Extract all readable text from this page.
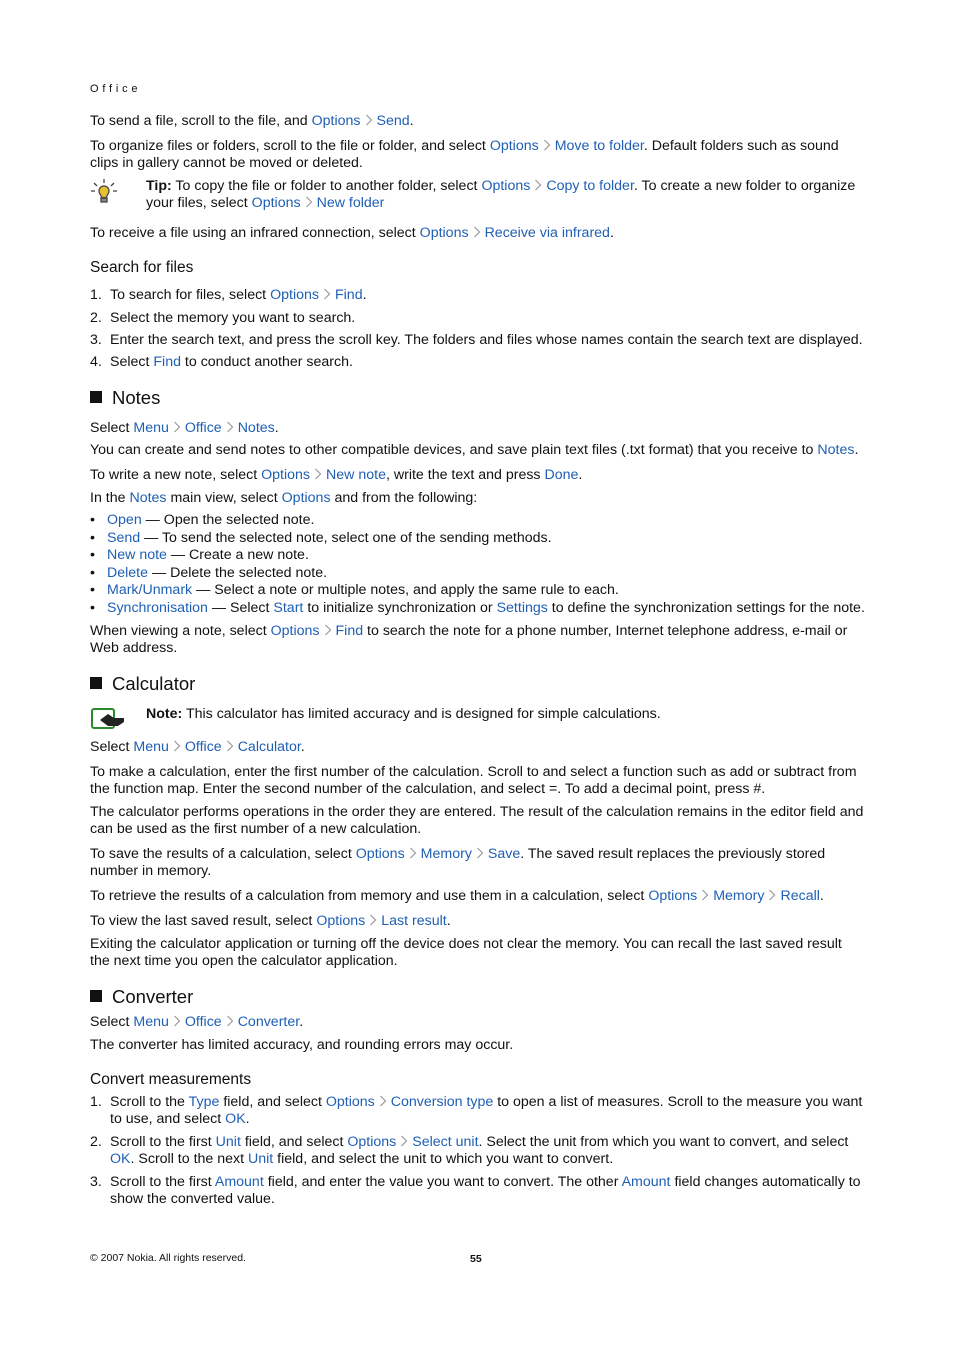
Office

To send a file, scroll to the file, and Options Send.

To organize files or folders, scroll to the file or folder, and select Options Move to folder. Default folders such as sound clips in gallery cannot be moved or deleted.

Tip: To copy the file or folder to another folder, select Options Copy to folder. To create a new folder to organize your files, select Options New folder

To receive a file using an infrared connection, select Options Receive via infrared.

Search for files
1. To search for files, select Options Find.
2. Select the memory you want to search.
3. Enter the search text, and press the scroll key. The folders and files whose names contain the search text are displayed.
4. Select Find to conduct another search.
Notes

Select Menu Office Notes.

You can create and send notes to other compatible devices, and save plain text files (.txt format) that you receive to Notes.

To write a new note, select Options New note, write the text and press Done.

In the Notes main view, select Options and from the following:

• Open — Open the selected note.
• Send — To send the selected note, select one of the sending methods.
• New note — Create a new note.
• Delete — Delete the selected note.
• Mark/Unmark — Select a note or multiple notes, and apply the same rule to each.
• Synchronisation — Select Start to initialize synchronization or Settings to define the synchronization settings for the note.

When viewing a note, select Options Find to search the note for a phone number, Internet telephone address, e-mail or Web address.

Calculator

Note: This calculator has limited accuracy and is designed for simple calculations.

Select Menu Office Calculator.

To make a calculation, enter the first number of the calculation. Scroll to and select a function such as add or subtract from the function map. Enter the second number of the calculation, and select =. To add a decimal point, press #.

The calculator performs operations in the order they are entered. The result of the calculation remains in the editor field and can be used as the first number of a new calculation.

To save the results of a calculation, select Options Memory Save. The saved result replaces the previously stored number in memory.

To retrieve the results of a calculation from memory and use them in a calculation, select Options Memory Recall.

To view the last saved result, select Options Last result.

Exiting the calculator application or turning off the device does not clear the memory. You can recall the last saved result the next time you open the calculator application.

Converter

Select Menu Office Converter.

The converter has limited accuracy, and rounding errors may occur.

Convert measurements
1. Scroll to the Type field, and select Options Conversion type to open a list of measures. Scroll to the measure you want to use, and select OK.
2. Scroll to the first Unit field, and select Options Select unit. Select the unit from which you want to convert, and select OK. Scroll to the next Unit field, and select the unit to which you want to convert.
3. Scroll to the first Amount field, and enter the value you want to convert. The other Amount field changes automatically to show the converted value.
© 2007 Nokia. All rights reserved.	55
